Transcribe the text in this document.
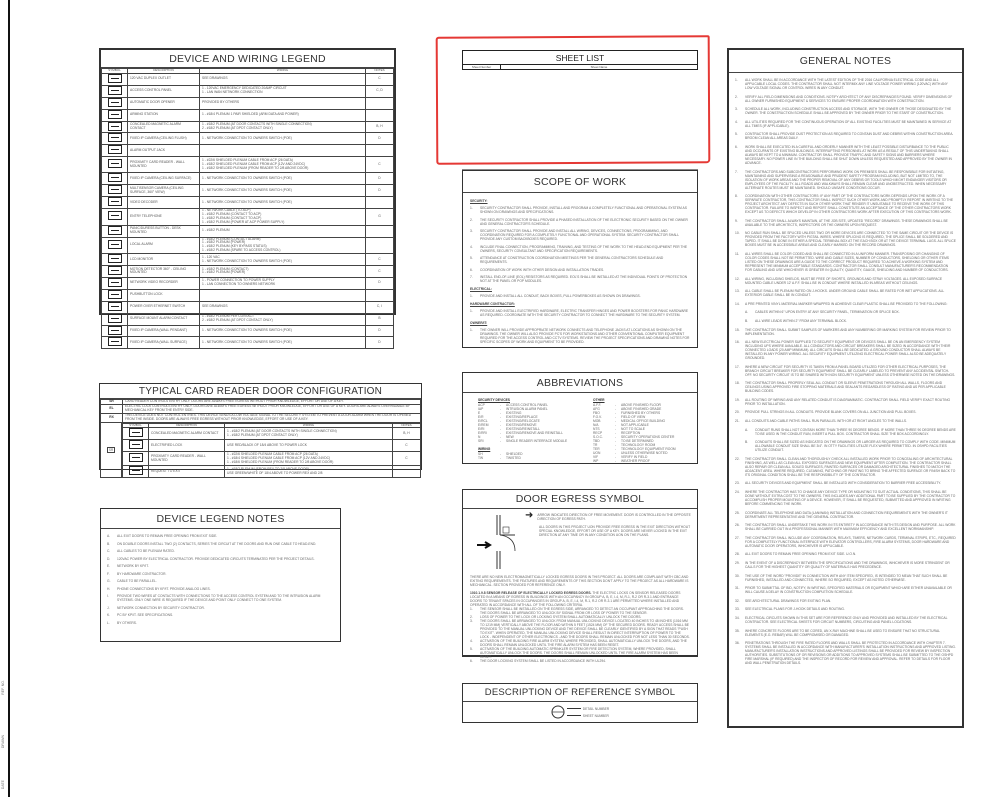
REF. NO.
DRAWN
DATE
DEVICE AND WIRING LEGEND
SYMBOL	DESCRIPTION	WIRING	NOTES
	120 VAC DUPLEX OUTLET	SEE DRAWINGS	C
	ACCESS CONTROL PANEL	1 - 120VAC EMERGENCY DEDICATED 20AMP CIRCUIT
1 - LAN WAN NETWORK CONNECTION	C, D
	AUTOMATIC DOOR OPENER	PROVIDED BY OTHERS	

	ARMING STATION	1 - #18/4 PLENUM 1 PAIR SHIELDED (ARM DATA AND POWER)	

	CONCEALED MAGNETIC ALARM CONTACT	1 - #18/2 PLENUM (AT DOOR CONTACTS WITH SINGLE CONNECTION)
2 - #18/2 PLENUM (AT DPDT CONTACT ONLY)	B, H
	FIXED IP CAMERA (CEILING FLUSH)	1 - NETWORK CONNECTION TO OWNERS SWITCH (POE)	D
	ALARM OUTPUT JACK	

	PROXIMITY CARD READER - WALL MOUNTED	1 - #22/6 SHIELDED PLENUM CABLE FROM ACP (26 DATA)
1 - #18/2 SHIELDED PLENUM CABLE FROM ACP (12V AND 24VDC)
1 - #18/2 SHIELDED PLENUM (FROM READER TO 2/8 ABOVE DOOR)	C
	FIXED IP CAMERA (CEILING SURFACE)	1 - NETWORK CONNECTION TO OWNERS SWITCH (POE)	D
	MULTISENSOR CAMERA (CEILING SURFACE, 360° VIEW)	1 - NETWORK CONNECTION TO OWNERS SWITCH (POE)	D
	VIDEO DECODER	1 - NETWORK CONNECTION TO OWNERS SWITCH (POE)	

	ENTRY TELEPHONE	1 - NETWORK CABLE (TO ACP)
1 - #18/2 PLENUM (CONTACT TO ACP)
1 - #18/2 PLENUM (CONTACT TO ACP)
1 - #18/2 PLENUM (POWER AT ACP POWER SUPPLY)	G
	PANIC/DURESS BUTTON - DESK MOUNTED	1 - #18/2 PLENUM	

	LOCAL ALARM	1 - #18/2 PLENUM (CONTACT ALARM)
1 - #18/2 PLENUM (POWER)
1 - #18/2 PLENUM (KEY BYPASS STATUS)
1 - #18/2 PLENUM (SPARE TO ACCESS CONTROL)	

	LCD MONITOR	1 - 120 VAC
1 - NETWORK CONNECTION TO OWNERS SWITCH (POE)	C
	MOTION DETECTOR 360° - CEILING MOUNTED	1 - #18/2 PLENUM (CONTACT)
1 - #18/2 PLENUM (POWER)	C
	NETWORK VIDEO RECORDER	1 - POWER CONNECTION TO POWER SUPPLY
1 - LAN CONNECTION TO OWNERS NETWORK	D
	PUSHBUTTON LOCK	

	POWER OVER ETHERNET SWITCH	SEE DRAWINGS	C, I
	SURFACE MOUNT ALARM CONTACT	1 - #18/2 PLENUM PER CONTACT
2 - #18/2 PLENUM (AT DPDT CONTACT ONLY)	B
	FIXED IP CAMERA (WALL PENDANT)	1 - NETWORK CONNECTION TO OWNERS SWITCH (POE)	D
	FIXED IP CAMERA (WALL SURFACE)	1 - NETWORK CONNECTION TO OWNERS SWITCH (POE)	D
TYPICAL CARD READER DOOR CONFIGURATION
SR	CARD READER CONTROLS ENTRY ONLY. DOORS ARE ALWAYS FREE EGRESS WITHOUT PRIOR KNOWLEDGE, EFFORT OR USE OF A KEY.
EL	ELECTRIC LOCK CONTROLS ENTRY ONLY. DOORS ARE ALWAYS FREE EGRESS WITHOUT PRIOR KNOWLEDGE, EFFORT OR USE OF A KEY. DOORS ARE ALWAYS OVERRIDABLE BY MECHANICAL KEY FROM THE ENTRY SIDE.
RX	THIS DEVICE DOES NOT CONTROL ENTRIES. THIS DEVICE SENDS A LOW VOLTAGE SIGNAL TO THE SECURITY SYSTEM TO PREVENT A DOOR ALARM WHEN THE DOOR IS OPENED FROM THE INSIDE. DOORS ARE ALWAYS FREE EGRESS WITHOUT PRIOR KNOWLEDGE, EFFORT OR USE OF A KEY.
SR
SYMBOL	DESCRIPTION	WIRING	NOTES
	CONCEALED MAGNETIC ALARM CONTACT	1 - #18/2 PLENUM (AT DOOR CONTACTS WITH SINGLE CONNECTION)
1 - #18/2 PLENUM (AT DPDT CONTACT ONLY)	B, H
	ELECTRIFIED LOCK	USE RED/BLACK OF 18/4 ABOVE TO POWER LOCK	C
	PROXIMITY CARD READER - WALL MOUNTED	1 - #22/6 SHIELDED PLENUM CABLE FROM ACP (26 DATA)
1 - #18/4 SHIELDED PLENUM CABLE FROM ACP (12V AND 24VDC)
1 - #18/6 SHIELDED PLENUM (FROM READER TO 2/8 ABOVE DOOR)	C
	REQUEST TO EXIT	1 - #18/2 PLENUM (FROM REX TO 2/8 ABOVE DOOR)
USE GREEN/WHITE OF 18/4 ABOVE TO POWER REX AND 2/8	

DEVICE LEGEND NOTES
A.	ALL EXIT DOORS TO REMAIN FREE OPENING FROM EXIT SIDE.
B.	ON DOUBLE DOORS INSTALL TWO (2) CONTACTS, SERIES THE CIRCUIT AT THE DOORS AND RUN ONE CABLE TO HEAD-END.
C.	ALL CABLES TO BE PLENUM RATED.
D.	120VAC POWER BY ELECTRICAL CONTRACTOR. PROVIDE DEDICATED CIRCUITS TERMINATED PER THE PROJECT DETAILS.
E.	NETWORK BY KP/IT.
F.	BY HARDWARE CONTRACTOR.
G.	CABLE TO BE PARALLEL.
H.	PHONE CONNECTIONS BY KP/IT. PROVIDE ANALOG LINES.
I.	PROVIDE TWO WIRES AT CONTACTS WITH CONNECTIONS TO THE ACCESS CONTROL SYSTEM AND TO THE INTRUSION ALARM SYSTEMS. ONLY ONE WIRE IS REQUIRED IF THE DEVICE AND POINT ONLY CONNECT TO ONE SYSTEM.
J.	NETWORK CONNECTION BY SECURITY CONTRACTOR.
K.	PC BY KP/IT. SEE SPECIFICATIONS.
L.	BY OTHERS.
SHEET LIST
Sheet Number	Sheet Name
SCOPE OF WORK
SECURITY:
1.	SECURITY CONTRACTOR SHALL PROVIDE, INSTALL AND PROGRAM A COMPLETELY FUNCTIONAL AND OPERATIONAL SYSTEM AS SHOWN ON DRAWINGS AND SPECIFICATIONS.
2.	THE SECURITY CONTRACTOR SHALL PROVIDE A PHASED INSTALLATION OF THE ELECTRONIC SECURITY BASED ON THE OWNER AND GENERAL CONTRACTOR'S SCHEDULE.
3.	SECURITY CONTRACTOR SHALL PROVIDE AND INSTALL ALL WIRING, DEVICES, CONNECTIONS, PROGRAMMING, AND COORDINATION REQUIRED FOR A COMPLETELY FUNCTIONAL AND OPERATIONAL SYSTEM. SECURITY CONTRACTOR SHALL PROVIDE ANY CUSTOM BACKBOXES REQUIRED.
4.	INCLUDE FINAL CONNECTION, PROGRAMMING, TRAINING, AND TESTING OF THE WORK TO THE HEAD-END EQUIPMENT PER THE OWNERS, SECURITY CONSULTANT AND SPECIFICATION REQUIREMENTS.
5.	ATTENDANCE AT CONSTRUCTION COORDINATION MEETINGS PER THE GENERAL CONTRACTORS SCHEDULE AND REQUIREMENTS.
6.	COORDINATION OF WORK WITH OTHER DESIGN AND INSTALLATION TRADES.
7.	INSTALL END-OF-LINE (EOL) RESISTORS AS REQUIRED. EOL'S SHALL BE INSTALLED AT THE INDIVIDUAL POINTS OF PROTECTION NOT AT THE PANEL OR POP MODULES.
ELECTRICAL:
1.	PROVIDE AND INSTALL ALL CONDUIT, BACK BOXES, PULL POWERBOXES AS SHOWN ON DRAWINGS.
HARDWARE CONTRACTOR:
1.	PROVIDE AND INSTALL ELECTRIFIED HARDWARE, ELECTRIC TRANSFER HINGES AND POWER BOOSTERS FOR PANIC HARDWARE AS REQUIRED. COORDINATE WITH THE SECURITY CONTRACTOR TO CONNECT THE HARDWARE TO THE SECURITY SYSTEM.
OWNER/IT:
1.	THE OWNER WILL PROVIDE APPROPRIATE NETWORK CONNECTS AND TELEPHONE JACKS AT LOCATIONS AS SHOWN ON THE DRAWINGS. THE OWNER WILL ALSO PROVIDE PC'S FOR WORKSTATIONS AND OTHER CONVENTIONAL COMPUTER EQUIPMENT REQUIRED FOR THE ACCESS CONTROL AND CCTV SYSTEMS. REVIEW THE PROJECT SPECIFICATIONS AND DRAWING NOTES FOR SPECIFIC SCOPES OF WORK AND EQUIPMENT TO BE PROVIDED.
ABBREVIATIONS
SECURITY DEVICES
ACP	-	ACCESS CONTROL PANEL
IAP	-	INTRUSION ALARM PANEL
E	-	EXISTING
E/R	-	EXISTING/REPLACE
E/RCL	-	EXISTING/RELOCATE
E/REM	-	EXISTING/REMOVE
E/RI	-	EXISTING/REINSTALL
E/RRI	-	EXISTING/REMOVE AND REINSTALL
N	-	NEW
SRI	-	SINGLE READER INTERFACE MODULE
WIRING
SH	-	SHIELDED
TW	-	TWISTED
OTHER
A.F.F.	-	ABOVE FINISHED FLOOR
AFG	-	ABOVE FINISHED GRADE
FBO	-	FURNISHED BY OTHERS
F.O.V.	-	FIELD OF VIEW
MOB	-	MEDICAL OFFICE BUILDING
N/A	-	NOT APPLICABLE
NTS	-	NOT TO SCALE
RECP	-	RECEPTION
S.O.C.	-	SECURITY OPERATIONS CENTER
TBD	-	TO BE DETERMINED
TR	-	TECHNOLOGY ROOM
TER	-	TECHNOLOGY EQUIPMENT ROOM
UON	-	UNLESS OTHERWISE NOTED
VIF	-	VERIFY IN FIELD
WP	-	WEATHER PROOF
DOOR EGRESS SYMBOL
➜ ARROW INDICATES DIRECTION OF FREE MOVEMENT. DOOR IS CONTROLLED IN THE OPPOSITE DIRECTION OF EGRESS PATH.
ALL DOORS IN THIS PROJECT UON PROVIDE FREE EGRESS IN THE EXIT DIRECTION WITHOUT SPECIAL KNOWLEDGE, EFFORT OR USE OF A KEY. DOORS ARE NEVER LOCKED IN THE EXIT DIRECTION AT ANY TIME OR IN ANY CONDITION UON ON THE PLANS.
THERE ARE NO NEW ELECTROMAGNETICALLY LOCKED EGRESS DOORS IN THIS PROJECT. ALL DOORS ARE COMPLIANT WITH CBC AND EXITING REQUIREMENTS. THE FEATURES AND REQUIREMENTS OF THIS SECTION DON'T APPLY TO THE PROJECT AS ALL HARDWARE IS MECHANICAL. SECTION PROVIDED FOR REFERENCE ONLY.
1010.1.9.8 SENSOR RELEASE OF ELECTRICALLY LOCKED EGRESS DOORS. THE ELECTRIC LOCKS ON SENSOR RELEASED DOORS LOCATED IN A MEANS OF EGRESS IN BUILDINGS WITH AN OCCUPANCY IN GROUP A, B, E, I-4, M, R-1, R-2 OR R-3.1 AND ENTRANCE DOORS TO TENANT SPACES IN OCCUPANCIES IN GROUP A, B, E, I-4, M, R-1, R-2 OR R-3.1 ARE PERMITTED WHERE INSTALLED AND OPERATED IN ACCORDANCE WITH ALL OF THE FOLLOWING CRITERIA.
1.	THE SENSOR SHALL BE INSTALLED ON THE EGRESS SIDE, ARRANGED TO DETECT AN OCCUPANT APPROACHING THE DOORS. THE DOORS SHALL BE ARRANGED TO UNLOCK BY SIGNAL FROM OR LOSS OF POWER TO THE SENSOR.
2.	LOSS OF POWER TO THE LOCK OR LOCKING SYSTEM SHALL AUTOMATICALLY UNLOCK THE DOORS.
3.	THE DOORS SHALL BE ARRANGED TO UNLOCK FROM MANUAL UNLOCKING DEVICE LOCATED 40 INCHES TO 48 INCHES (1016 MM TO 1219 MM) VERTICALLY ABOVE THE FLOOR AND WITHIN 5 FEET (1524 MM) OF THE SECURED DOORS. READY ACCESS SHALL BE PROVIDED TO THE MANUAL UNLOCKING DEVICE AND THE DEVICE SHALL BE CLEARLY IDENTIFIED BY A SIGN THAT READS "PUSH TO EXIT". WHEN OPERATED, THE MANUAL UNLOCKING DEVICE SHALL RESULT IN DIRECT INTERRUPTION OF POWER TO THE LOCK - INDEPENDENT OF OTHER ELECTRONICS - AND THE DOORS SHALL REMAIN UNLOCKED FOR NOT LESS THAN 30 SECONDS.
4.	ACTIVATION OF THE BUILDING FIRE ALARM SYSTEM, WHERE PROVIDED, SHALL AUTOMATICALLY UNLOCK THE DOORS, AND THE DOORS SHALL REMAIN UNLOCKED UNTIL THE FIRE ALARM SYSTEM HAS BEEN RESET.
5.	ACTIVATION OF THE BUILDING AUTOMATIC SPRINKLER SYSTEM OR FIRE DETECTION SYSTEM, WHERE PROVIDED, SHALL AUTOMATICALLY UNLOCK THE DOORS. THE DOORS SHALL REMAIN UNLOCKED UNTIL THE FIRE ALARM SYSTEM HAS BEEN RESET.
6.	THE DOOR LOCKING SYSTEM SHALL BE LISTED IN ACCORDANCE WITH UL294.
DESCRIPTION OF REFERENCE SYMBOL
DETAIL NUMBER
SHEET NUMBER
GENERAL NOTES
1.	ALL WORK SHALL BE IN ACCORDANCE WITH THE LATEST EDITION OF THE 2016 CALIFORNIA ELECTRICAL CODE AND ALL APPLICABLE LOCAL CODES. THE CONTRACTOR SHALL NOT INTERMIX ANY LINE VOLTAGE POWER WIRING (120VAC) WITH ANY LOW VOLTAGE SIGNAL OR CONTROL WIRES IN ANY CONDUIT.
2.	VERIFY ALL FIELD DIMENSIONS AND CONDITIONS. NOTIFY ARCHITECT OF ANY DISCREPANCIES FOUND. VERIFY DIMENSIONS OF ALL OWNER FURNISHED EQUIPMENT & SERVICES TO ENSURE PROPER COORDINATION WITH CONSTRUCTION.
3.	SCHEDULE ALL WORK, INCLUDING CONSTRUCTION ACCESS AND STORAGE, WITH THE OWNER OR THOSE DESIGNATED BY THE OWNER. THE CONSTRUCTION SCHEDULE SHALL BE APPROVED BY THE OWNER PRIOR TO THE START OF CONSTRUCTION.
4.	ALL UTILITIES REQUIRED FOR THE CONTINUOUS OPERATION OF ALL EXISTING FACILITIES MUST BE MAINTAINED IN SERVICE AT ALL TIMES (IF APPLICABLE).
5.	CONTRACTOR SHALL PROVIDE DUST PROTECTION AS REQUIRED TO CONTAIN DUST AND DEBRIS WITHIN CONSTRUCTION AREA. BROOM CLEAN ALL AREAS DAILY.
6.	WORK SHALL BE EXECUTED IN A CAREFUL AND ORDERLY MANNER WITH THE LEAST POSSIBLE DISTURBANCE TO THE PUBLIC AND OCCUPANTS OF EXISTING BUILDINGS. INTERRUPTING PERSONNEL AT WORK AS A RESULT OF THIS UNDERTAKING SHALL ALWAYS BE KEPT TO A MINIMUM. CONTRACTOR SHALL PROVIDE TRAFFIC AND SAFETY SIGNS AND BARRIERS WHERE NECESSARY. NO POWER LINE IN THE BUILDING SHALL BE SHUT DOWN UNLESS REQUESTED AND APPROVED BY THE OWNER IN ADVANCE.
7.	THE CONTRACTORS AND SUBCONTRACTORS PERFORMING WORK ON PREMISES SHALL BE RESPONSIBLE FOR INITIATING, MAINTAINING AND SUPERVISING A REASONABLE AND PRUDENT SAFETY PROGRAM INCLUDING, BUT NOT LIMITED TO, THE ISOLATION OF WORK AREAS AND THE PROPER REMOVAL OF ANY DEBRIS OR TOOLS WHICH MIGHT ENDANGER VISITORS OR EMPLOYEES OF THE FACILITY. ALL ROADS AND WALKWAYS SHALL REMAIN CLEAR AND UNOBSTRUCTED. WHEN NECESSARY ALTERNATE ROUTES MUST BE MAINTAINED. SHOULD UNSAFE CONDITIONS OCCUR.
8.	COORDINATION WITH OTHER CONTRACTORS: IF ANY PART OF THE CONTRACTORS WORK DEPENDS UPON THE WORK OF A SEPARATE CONTRACTOR, THIS CONTRACTOR SHALL INSPECT SUCH OTHER WORK AND PROMPTLY REPORT IN WRITING TO THE PROJECT ARCHITECT ANY DEFECTS IN SUCH OTHER WORK THAT RENDER IT UNSUITABLE TO RECEIVE THE WORK OF THIS CONTRACTOR. FAILURE TO INSPECT AND REPORT SHALL CONSTITUTE AN ACCEPTANCE OF THE OTHER CONTRACTORS WORK EXCEPT AS TO DEFECTS WHICH DEVELOP IN OTHER CONTRACTORS WORK AFTER EXECUTION OF THIS CONTRACTORS WORK.
9.	THE CONTRACTOR SHALL ALWAYS MAINTAIN, AT THE JOB SITE, UPDATED "RECORD" DRAWINGS. THESE DRAWINGS SHALL BE AVAILABLE TO THE ARCHITECTS, INSPECTORS OR THE OWNERS UPON REQUEST.
10.	NO CABLE RUN SHALL BE SPLICED UNLESS TWO OR MORE DEVICES ARE CONNECTED TO THE SAME CIRCUIT OR THE DEVICE IS PROVIDED FROM THE FACTORY WITH PIGTAIL WIRES. WHERE SPLICING IS REQUIRED, THE SPLICE SHALL BE SOLDERED AND TAPED. IT SHALL BE DONE IN EITHER A SPECIAL TERMINAL BOX AT THE EACH BOX OR AT THE DEVICE TERMINAL LUGS. ALL SPLICE BOXES MUST BE IN ACCESSIBLE AREAS AND CLEARLY MARKED ON THE RECORD DRAWINGS.
11.	ALL WIRES SHALL BE COLOR CODED AND SHALL BE CONNECTED IN A UNIFORM MANNER. TRANSPOSING OR CHANGING OF COLOR CODES SHALL NOT BE PERMITTED. WIRE AND CABLE SIZES, NUMBER OF CONDUCTORS, SHIELDING OR OTHER ITEMS LISTED ON THESE DRAWINGS ARE A GUIDE TO THE CORRECT PRODUCT REQUIRED TO ACHIEVE A WORKING SYSTEM AND REPRESENT THE MINIMUM ACCEPTABLE STANDARDS. CONTRACTOR SHALL CONSULT MANUFACTURER'S RECOMMENDATION FOR CABLING AND USE WHICHEVER IS GREATER IN QUALITY, QUANTITY, GAUGE, SHIELDING AND NUMBER OF CONDUCTORS.
12.	ALL WIRING, INCLUDING SHIELDS, MUST BE FREE OF SHORTS, GROUNDS AND STRAY VOLTAGES. ALL EXPOSED SURFACE MOUNTED CABLE UNDER 12' A.F.F. SHALL BE IN CONDUIT WHERE INSTALLED IN AREAS WITHOUT CEILINGS.
13.	ALL CABLE SHALL BE PLENUM RATED ON J-HOOKS. UNDER GROUND CABLE SHALL BE RATED FOR WET APPLICATIONS. ALL EXTERIOR CABLE SHALL BE IN CONDUIT.
14.	A PRE PRINTED VINYL MATERIAL MARKER WRAPPED IN ADHESIVE CLEAR PLASTIC SHALL BE PROVIDED TO THE FOLLOWING:
A.	CABLES WITHIN 6" UPON ENTRY AT ANY SECURITY PANEL, TERMINATION OR SPLICE BOX.
B.	ALL WIRE LEADS WITHIN 2" FROM ANY TERMINAL BLOCK.
15.	THE CONTRACTOR SHALL SUBMIT SAMPLES OF MARKERS AND ANY NUMBERING OR MARKING SYSTEM FOR REVIEW PRIOR TO IMPLEMENTATION.
16.	ALL NEW ELECTRICAL POWER SUPPLIED TO SECURITY EQUIPMENT OR DEVICES SHALL BE ON AN EMERGENCY SYSTEM INCLUDING UPS WHERE AVAILABLE. ALL CONDUCTORS AND CIRCUIT BREAKERS SHALL BE SIZED IN ACCORDANCE WITH THEIR CONNECTED LOADS (20 AMP MINIMUM). ALL CIRCUITS SHALL BE DEDICATED. A GROUND CONDUCTOR SHALL ALWAYS BE INSTALLED IN ANY POWER WIRING. ALL SECURITY EQUIPMENT UTILIZING ELECTRICAL POWER SHALL ALSO BE ADEQUATELY GROUNDED.
17.	WHERE A NEW CIRCUIT FOR SECURITY IS TAKEN FROM A PANEL BOARD UTILIZED FOR OTHER ELECTRICAL PURPOSES, THE BRANCH CIRCUIT BREAKER FOR SECURITY EQUIPMENT SHALL BE CLEARLY LABELED TO PREVENT ANY ACCIDENTAL SWITCH-OFF. NO SECURITY CIRCUIT IS TO BE SHARED WITH NON SECURITY EQUIPMENT UNLESS OTHERWISE NOTED ON THE DRAWINGS.
18.	THE CONTRACTOR SHALL PROPERLY SEAL ALL CONDUIT OR SLEEVE PENETRATIONS THROUGH ALL WALLS, FLOORS AND CEILINGS USING APPROVED FIRE STOPPING MATERIALS AND SEALANTS REGARDLESS OF RATING AND AS PER APPLICABLE BUILDING CODES.
19.	ALL ROUTING OF WIRING AND ANY RELATED CONDUIT IS DIAGRAMMATIC. CONTRACTOR SHALL FIELD VERIFY EXACT ROUTING PRIOR TO INSTALLATION.
20.	PROVIDE PULL STRINGS IN ALL CONDUITS. PROVIDE BLANK COVERS ON ALL JUNCTION AND PULL BOXES.
21.	ALL CONDUITS AND CABLE PATHS SHALL RUN PARALLEL WITH OR AT RIGHT ANGLES TO THE WALLS.
A.	CONDUIT RUNS SHALL NOT CONTAIN MORE THAN THREE 90 DEGREE BENDS. IF MORE THAN THREE 90 DEGREE BENDS ARE TO BE USED IN THE CONDUIT RUN, INSERT A PULL BOX. CONTRACTOR SHALL SIZE THE BOX ACCORDINGLY.
B.	CONDUITS SHALL BE SIZED AS INDICATED ON THE DRAWINGS OR LARGER AS REQUIRED TO COMPLY WITH CODE. MINIMUM ALLOWABLE CONDUIT SIZE SHALL BE 3/4". IN OTTY FACILITIES UTILIZE FLEX WHERE PERMITTED. IN OSHPD FACILITIES UTILIZE CONDUIT.
22.	THE CONTRACTOR SHALL CLEAN AND THOROUGHLY CHECK ALL INSTALLED WORK PRIOR TO CONCEALING OF ARCHITECTURAL FINISHING, AS WELL AS CLEAN ALL EXPOSED SURFACES AND NEW EQUIPMENT AFTER COMPLETION. THE CONTRACTOR SHALL ALSO REPAIR OR CLEAN ALL SOILED SURFACES, PAINTED SURFACES OR DAMAGED ARCHITECTURAL FINISHES TO MATCH THE ADJACENT AREA. WHERE REQUIRED, CLEANING, PATCHING OR PAINTING TO BRING THE AFFECTED SURFACE OR FINISH BACK TO ITS ORIGINAL CONDITION SHALL BE THE RESPONSIBILITY OF THE CONTRACTOR.
23.	ALL SECURITY DEVICES AND EQUIPMENT SHALL BE INSTALLED WITH CONSIDERATION TO BARRIER FREE ACCESSIBILITY.
24.	WHERE THE CONTRACTOR HAS TO CHANGE ANY DEVICE TYPE OR MOUNTING TO SUIT ACTUAL CONDITIONS, THIS SHALL BE DONE WITHOUT EXTRA COST TO THE OWNERS. THIS INCLUDES ANY ADDITIONAL PART TO BE SUPPLIED BY THE CONTRACTOR TO ACCOMPLISH PROPER MOUNTING OF A DEVICE. HOWEVER, IT SHALL BE REQUESTED, SUBMITTED AND APPROVED IN WRITING BEFORE COMMENCING THE WORK.
25.	COORDINATE ALL TELEPHONE AND DATA (LAN/WAN) INSTALLATION AND CONNECTION REQUIREMENTS WITH THE OWNER'S IT DEPARTMENT REPRESENTATIVE AND THE GENERAL CONTRACTOR.
26.	THE CONTRACTOR SHALL UNDERTAKE THIS WORK IN ITS ENTIRETY IN ACCORDANCE WITH ITS DESIGN AND PURPOSE. ALL WORK SHALL BE CARRIED OUT IN A PROFESSIONAL MANNER WITH MAXIMUM EFFICIENCY AND EXCELLENT WORKMANSHIP.
27.	THE CONTRACTOR SHALL INCLUDE ANY COORDINATION, RELAYS, TIMERS, NETWORK CARDS, TERMINAL STRIPS, ETC., REQUIRED FOR A COMPLETELY FUNCTIONAL INTERFACE WITH ELEVATOR CONTROLLERS, FIRE ALARM SYSTEMS, DOOR HARDWARE AND AUTOMATIC DOOR OPERATORS, WHICHEVER IS APPLICABLE.
28.	ALL EXIT DOORS TO REMAIN FREE OPENING FROM EXIT SIDE. U.O.N.
29.	IN THE EVENT OF A DISCREPANCY BETWEEN THE SPECIFICATIONS AND THE DRAWINGS, WHICHEVER IS MORE STRINGENT OR CALLS FOR THE HIGHEST QUANTITY OR QUALITY OF MATERIALS HAS PRECEDENCE.
30.	THE USE OF THE WORD "PROVIDE" IN CONNECTION WITH ANY ITEM SPECIFIED, IS INTENDED TO MEAN THAT SUCH SHALL BE FURNISHED, INSTALLED AND CONNECTED, WHERE SO REQUIRED, EXCEPT AS NOTED OTHERWISE.
31.	PRIOR TO SUBMITTAL OF BID, NOTIFY, IN WRITING, SPECIFIED MATERIALS OR EQUIPMENT WHICH ARE EITHER UNAVAILABLE OR WILL CAUSE A DELAY IN CONSTRUCTION COMPLETION SCHEDULE.
32.	SEE ARCHITECTURAL DRAWINGS FOR EXITING PLAN.
33.	SEE ELECTRICAL PLANS FOR J-HOOK DETAILS AND ROUTING.
34.	ELECTRICAL CIRCUITS SHOWN IN THIS SET ARE FOR REFERENCE ONLY AND PROVIDED AND INSTALLED BY THE ELECTRICAL CONTRACTOR. SEE ELECTRICAL SHEETS FOR CIRCUIT NUMBERS, CIRCUITING AND PANEL LOCATIONS.
35.	WHERE CONCRETE FLOORS ARE TO BE CORED, AN X-RAY MACHINE SHALL BE USED TO ENSURE THAT NO STRUCTURAL ELEMENTS (E.G. REBAR) WILL BE COMPROMISED OR DAMAGED.
36.	PENETRATIONS THROUGH THE FIRE RATED FLOORS AND WALLS SHALL BE PROTECTED IN ACCORDANCE WITH CHAPTER 7. SYSTEMS SHALL BE INSTALLED IN ACCORDANCE WITH MANUFACTURER'S INSTALLATION INSTRUCTIONS AND APPROVED LISTING. MANUFACTURER'S INSTALLATION INSTRUCTIONS AND APPROVED LISTINGS SHALL BE PROVIDED FOR REVIEW BY INSPECTION AUTHORITIES. SUBSTITUTIONS OF OR REVISIONS OR ADDITIONS TO APPROVED SYSTEMS SHALL BE SUBMITTED TO THE OSHPD FIRE MARSHAL (IF REQUIRED) AND THE INSPECTOR OF RECORD FOR REVIEW AND APPROVAL. REFER TO DETAILS FOR FLOOR AND WALL PENETRATION DETAILS.
